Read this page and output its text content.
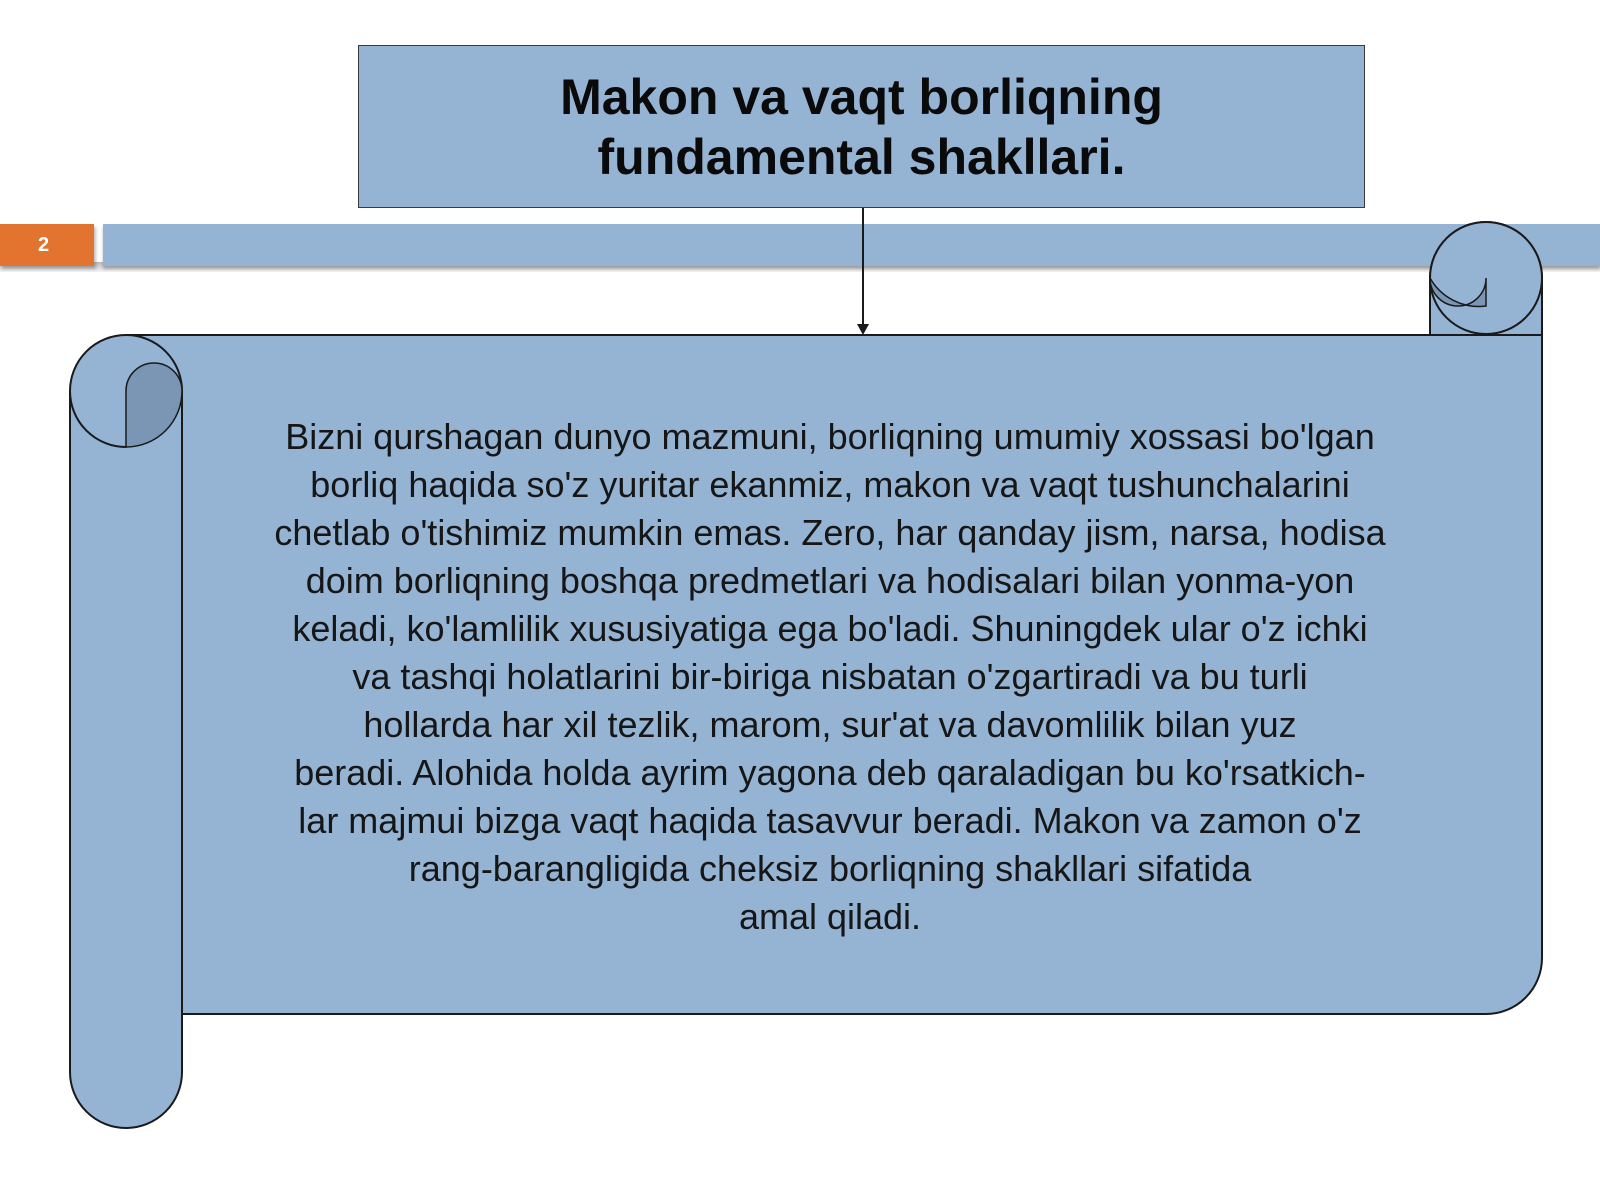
2
Makon va vaqt borliqning
fundamental shakllari.
Bizni qurshagan dunyo mazmuni, borliqning umumiy xossasi bo'lgan
borliq haqida so'z yuritar ekanmiz, makon va vaqt tushunchalarini
chetlab o'tishimiz mumkin emas. Zero, har qanday jism, narsa, hodisa
doim borliqning boshqa predmetlari va hodisalari bilan yonma-yon
keladi, ko'lamlilik xususiyatiga ega bo'ladi. Shuningdek ular o'z ichki
va tashqi holatlarini bir-biriga nisbatan o'zgartiradi va bu turli
hollarda har xil tezlik, marom, sur'at va davomlilik bilan yuz
beradi. Alohida holda ayrim yagona deb qaraladigan bu ko'rsatkich-
lar majmui bizga vaqt haqida tasavvur beradi. Makon va zamon o'z
rang-barangligida cheksiz borliqning shakllari sifatida
amal qiladi.
